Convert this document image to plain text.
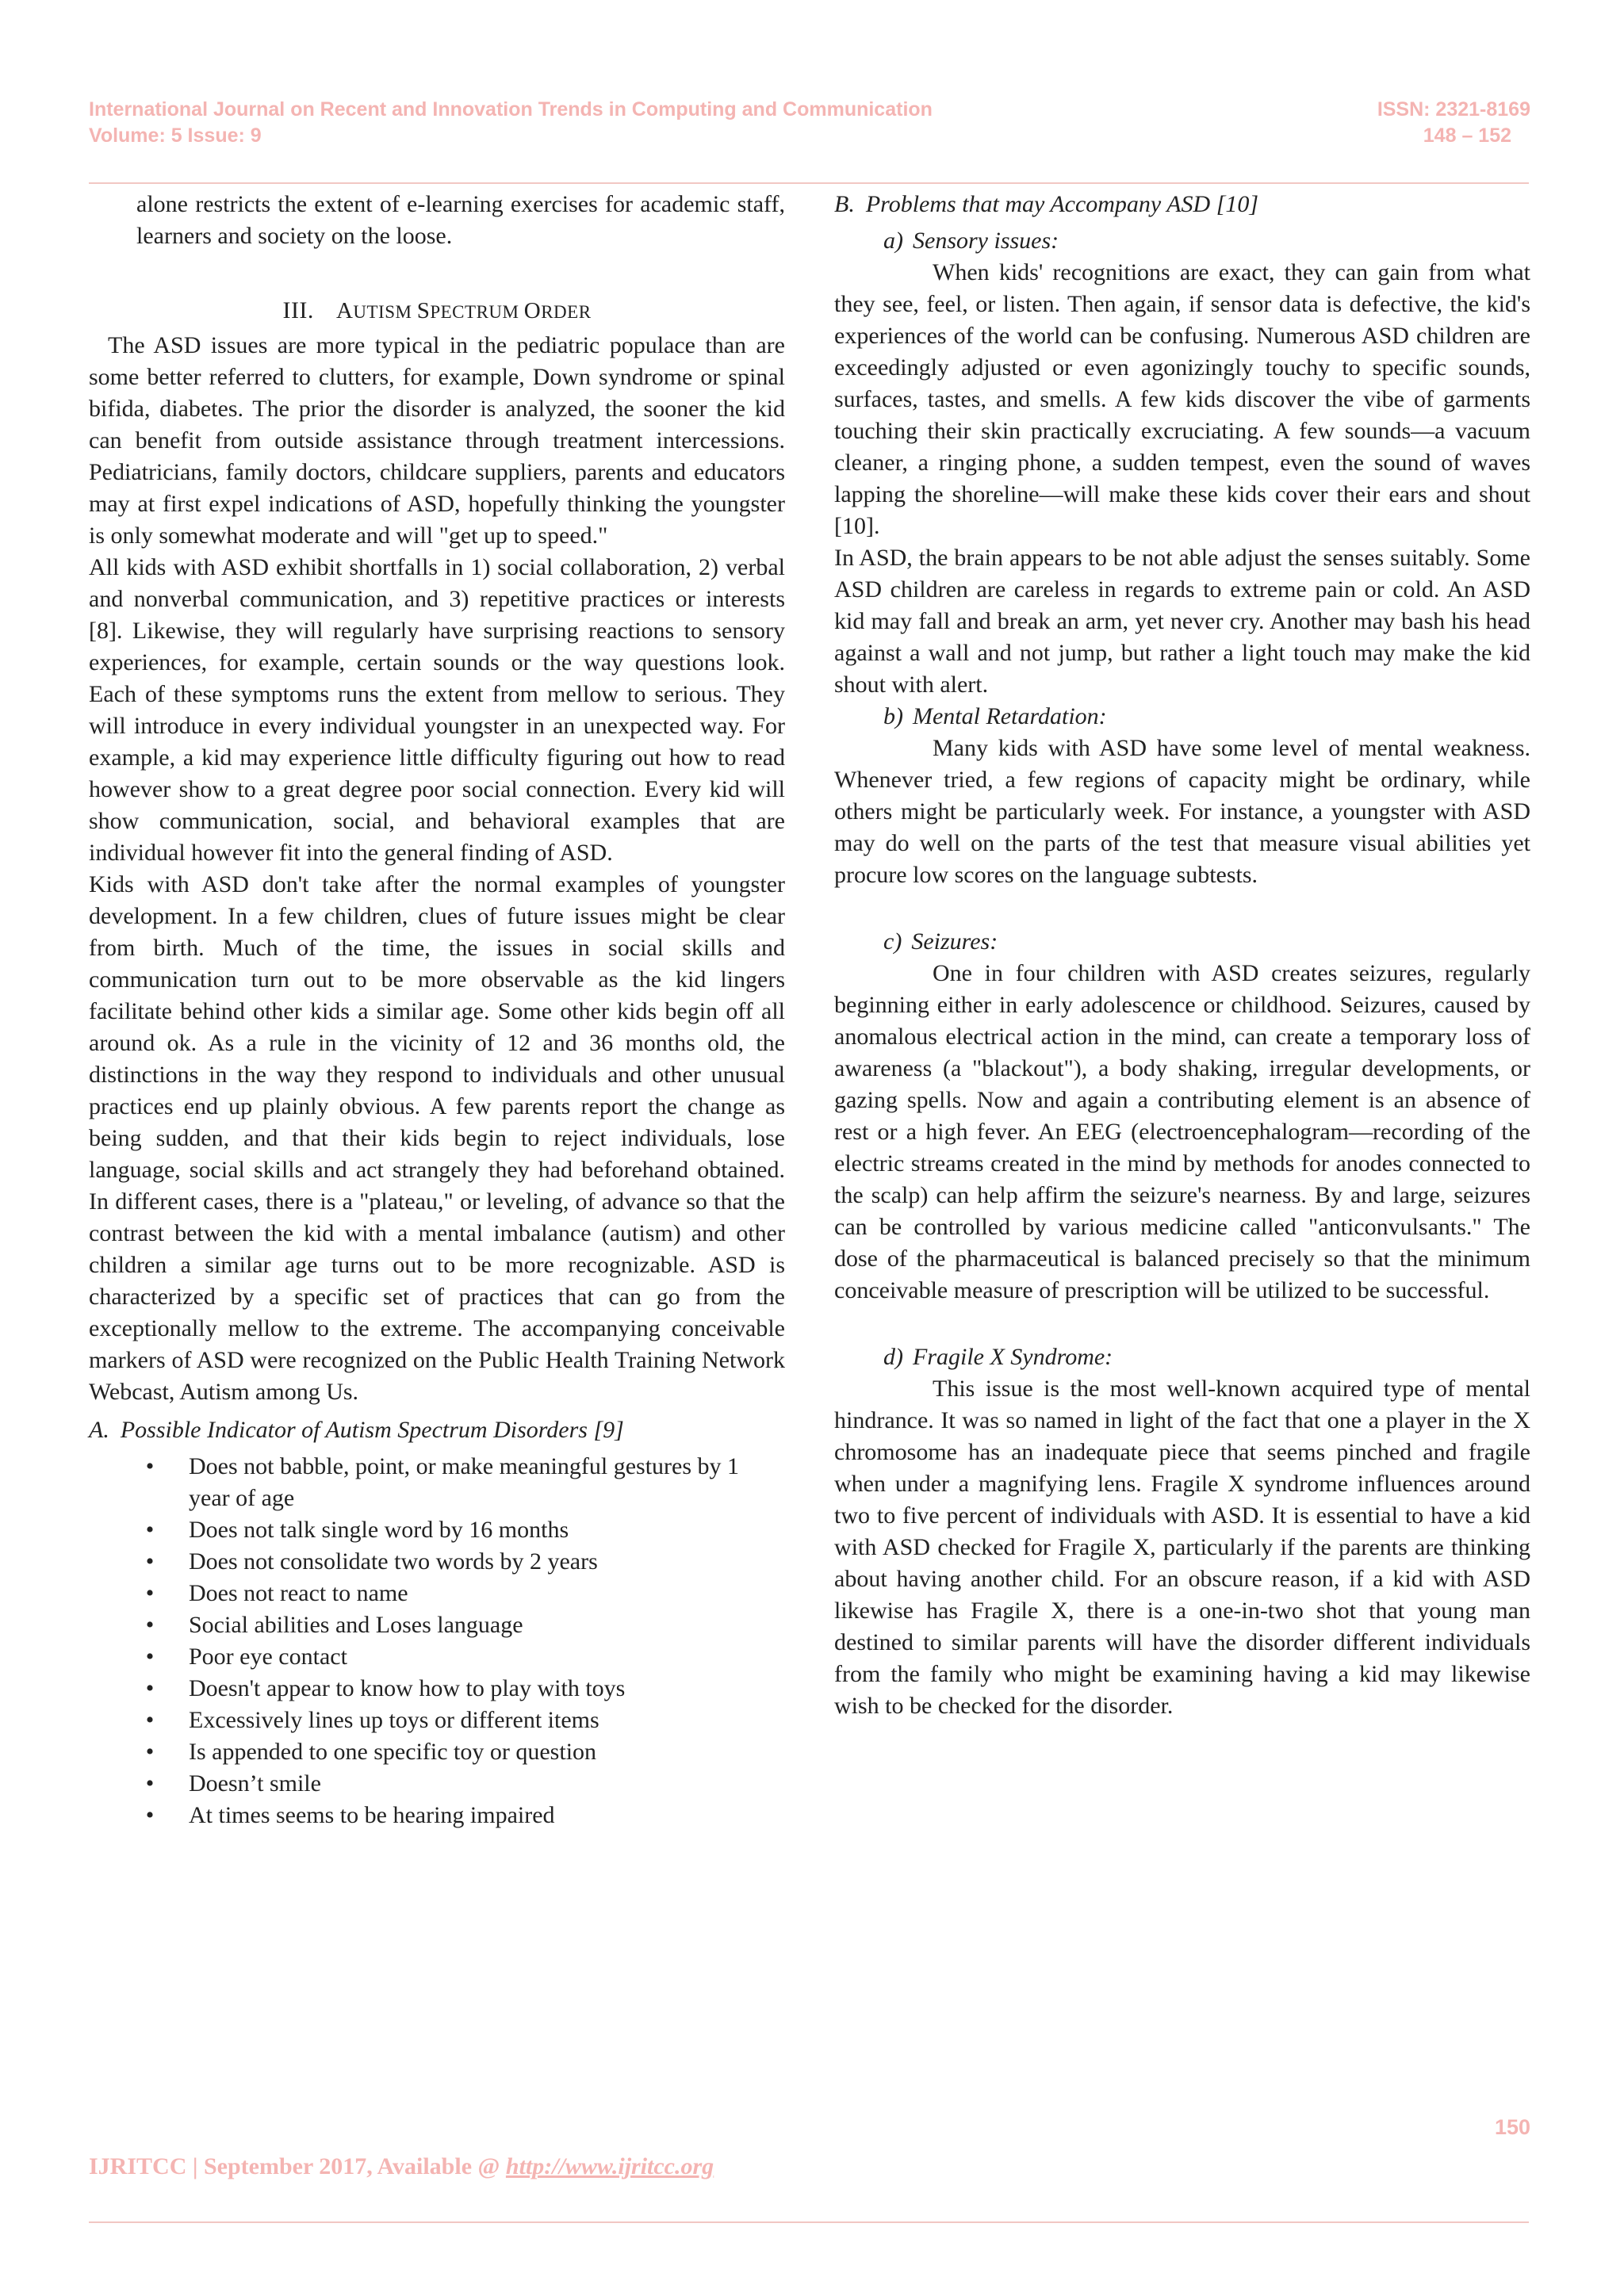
International Journal on Recent and Innovation Trends in Computing and Communication
Volume: 5 Issue: 9
ISSN: 2321-8169
148 – 152

alone restricts the extent of e-learning exercises for academic staff, learners and society on the loose.

III. AUTISM SPECTRUM ORDER

The ASD issues are more typical in the pediatric populace than are some better referred to clutters, for example, Down syndrome or spinal bifida, diabetes. The prior the disorder is analyzed, the sooner the kid can benefit from outside assistance through treatment intercessions. Pediatricians, family doctors, childcare suppliers, parents and educators may at first expel indications of ASD, hopefully thinking the youngster is only somewhat moderate and will "get up to speed."

All kids with ASD exhibit shortfalls in 1) social collaboration, 2) verbal and nonverbal communication, and 3) repetitive practices or interests [8]. Likewise, they will regularly have surprising reactions to sensory experiences, for example, certain sounds or the way questions look. Each of these symptoms runs the extent from mellow to serious. They will introduce in every individual youngster in an unexpected way. For example, a kid may experience little difficulty figuring out how to read however show to a great degree poor social connection. Every kid will show communication, social, and behavioral examples that are individual however fit into the general finding of ASD.

Kids with ASD don't take after the normal examples of youngster development. In a few children, clues of future issues might be clear from birth. Much of the time, the issues in social skills and communication turn out to be more observable as the kid lingers facilitate behind other kids a similar age. Some other kids begin off all around ok. As a rule in the vicinity of 12 and 36 months old, the distinctions in the way they respond to individuals and other unusual practices end up plainly obvious. A few parents report the change as being sudden, and that their kids begin to reject individuals, lose language, social skills and act strangely they had beforehand obtained. In different cases, there is a "plateau," or leveling, of advance so that the contrast between the kid with a mental imbalance (autism) and other children a similar age turns out to be more recognizable. ASD is characterized by a specific set of practices that can go from the exceptionally mellow to the extreme. The accompanying conceivable markers of ASD were recognized on the Public Health Training Network Webcast, Autism among Us.

A. Possible Indicator of Autism Spectrum Disorders [9]
•	Does not babble, point, or make meaningful gestures by 1 year of age
•	Does not talk single word by 16 months
•	Does not consolidate two words by 2 years
•	Does not react to name
•	Social abilities and Loses language
•	Poor eye contact
•	Doesn't appear to know how to play with toys
•	Excessively lines up toys or different items
•	Is appended to one specific toy or question
•	Doesn’t smile
•	At times seems to be hearing impaired
B. Problems that may Accompany ASD [10]
a) Sensory issues:

When kids' recognitions are exact, they can gain from what they see, feel, or listen. Then again, if sensor data is defective, the kid's experiences of the world can be confusing. Numerous ASD children are exceedingly adjusted or even agonizingly touchy to specific sounds, surfaces, tastes, and smells. A few kids discover the vibe of garments touching their skin practically excruciating. A few sounds—a vacuum cleaner, a ringing phone, a sudden tempest, even the sound of waves lapping the shoreline—will make these kids cover their ears and shout [10].

In ASD, the brain appears to be not able adjust the senses suitably. Some ASD children are careless in regards to extreme pain or cold. An ASD kid may fall and break an arm, yet never cry. Another may bash his head against a wall and not jump, but rather a light touch may make the kid shout with alert.

b) Mental Retardation:

Many kids with ASD have some level of mental weakness. Whenever tried, a few regions of capacity might be ordinary, while others might be particularly week. For instance, a youngster with ASD may do well on the parts of the test that measure visual abilities yet procure low scores on the language subtests.

c) Seizures:

One in four children with ASD creates seizures, regularly beginning either in early adolescence or childhood. Seizures, caused by anomalous electrical action in the mind, can create a temporary loss of awareness (a "blackout"), a body shaking, irregular developments, or gazing spells. Now and again a contributing element is an absence of rest or a high fever. An EEG (electroencephalogram—recording of the electric streams created in the mind by methods for anodes connected to the scalp) can help affirm the seizure's nearness. By and large, seizures can be controlled by various medicine called "anticonvulsants." The dose of the pharmaceutical is balanced precisely so that the minimum conceivable measure of prescription will be utilized to be successful.

d) Fragile X Syndrome:

This issue is the most well-known acquired type of mental hindrance. It was so named in light of the fact that one a player in the X chromosome has an inadequate piece that seems pinched and fragile when under a magnifying lens. Fragile X syndrome influences around two to five percent of individuals with ASD. It is essential to have a kid with ASD checked for Fragile X, particularly if the parents are thinking about having another child. For an obscure reason, if a kid with ASD likewise has Fragile X, there is a one-in-two shot that young man destined to similar parents will have the disorder different individuals from the family who might be examining having a kid may likewise wish to be checked for the disorder.

150
IJRITCC | September 2017, Available @ http://www.ijritcc.org
